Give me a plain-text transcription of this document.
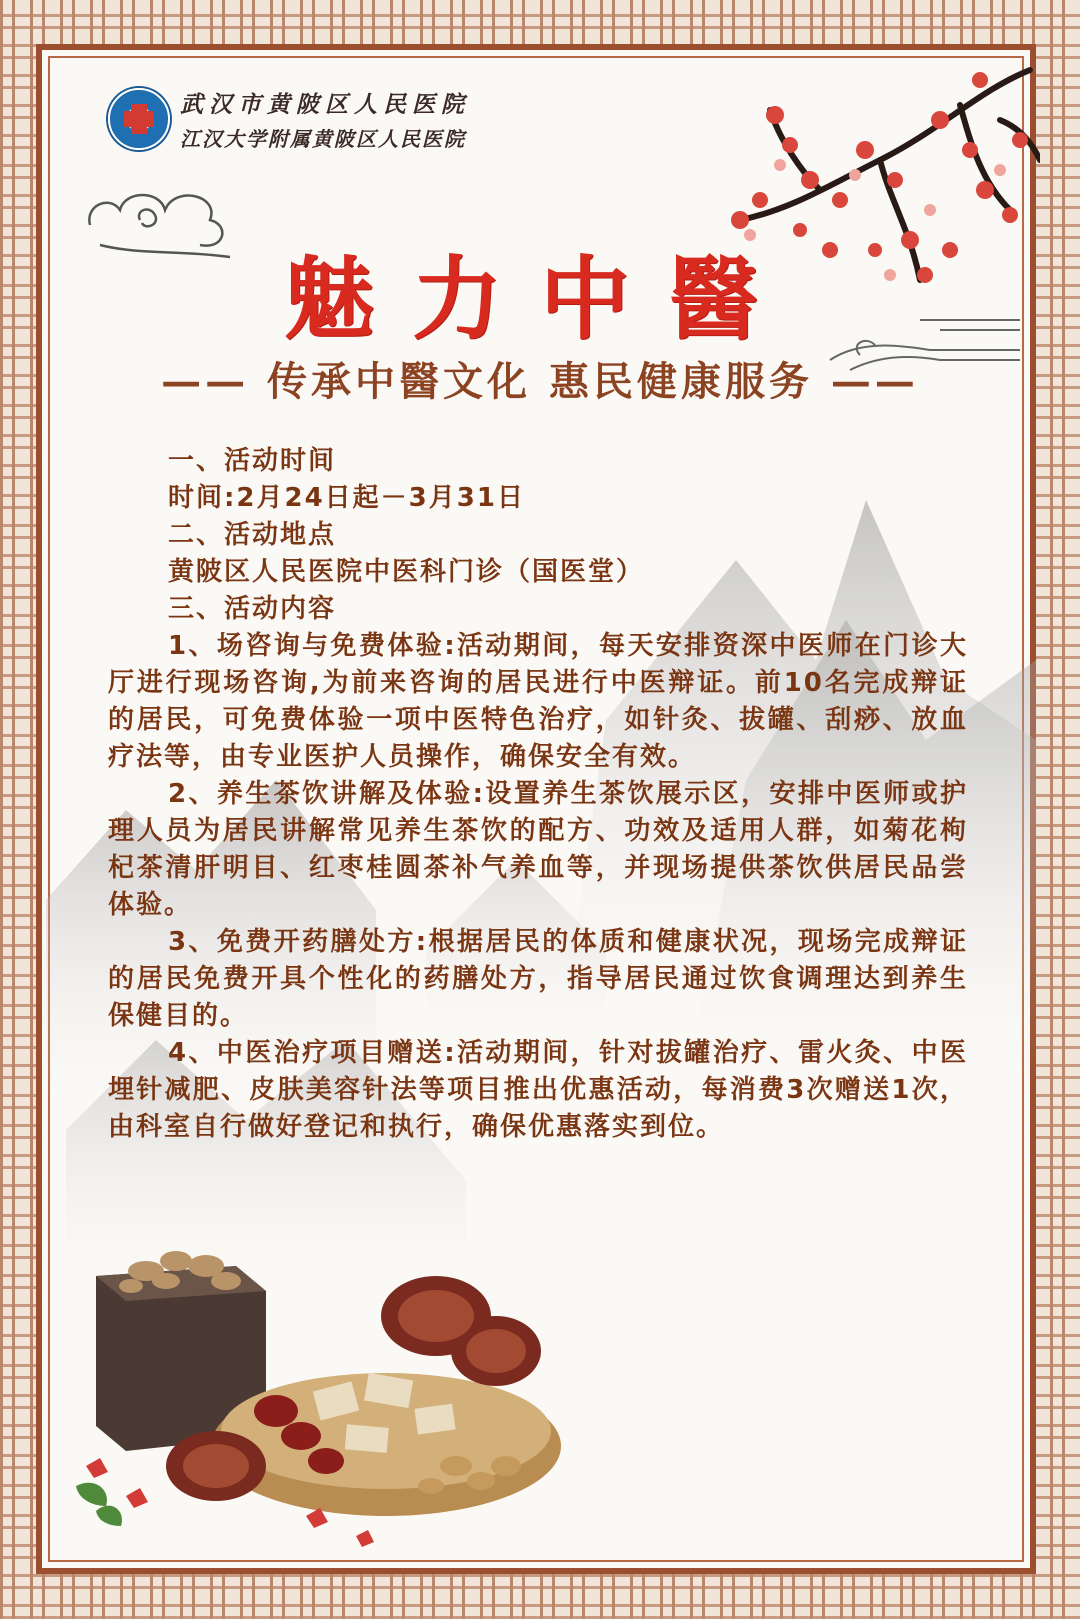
武汉市黄陂区人民医院
江汉大学附属黄陂区人民医院
魅力中醫
—— 传承中醫文化 惠民健康服务 ——
一、活动时间
时间:2月24日起－3月31日
二、活动地点
黄陂区人民医院中医科门诊（国医堂）
三、活动内容

1、场咨询与免费体验:活动期间，每天安排资深中医师在门诊大厅进行现场咨询,为前来咨询的居民进行中医辩证。前10名完成辩证的居民，可免费体验一项中医特色治疗，如针灸、拔罐、刮痧、放血疗法等，由专业医护人员操作，确保安全有效。

2、养生茶饮讲解及体验:设置养生茶饮展示区，安排中医师或护理人员为居民讲解常见养生茶饮的配方、功效及适用人群，如菊花枸杞茶清肝明目、红枣桂圆茶补气养血等，并现场提供茶饮供居民品尝体验。

3、免费开药膳处方:根据居民的体质和健康状况，现场完成辩证的居民免费开具个性化的药膳处方，指导居民通过饮食调理达到养生保健目的。

4、中医治疗项目赠送:活动期间，针对拔罐治疗、雷火灸、中医埋针减肥、皮肤美容针法等项目推出优惠活动，每消费3次赠送1次，由科室自行做好登记和执行，确保优惠落实到位。
